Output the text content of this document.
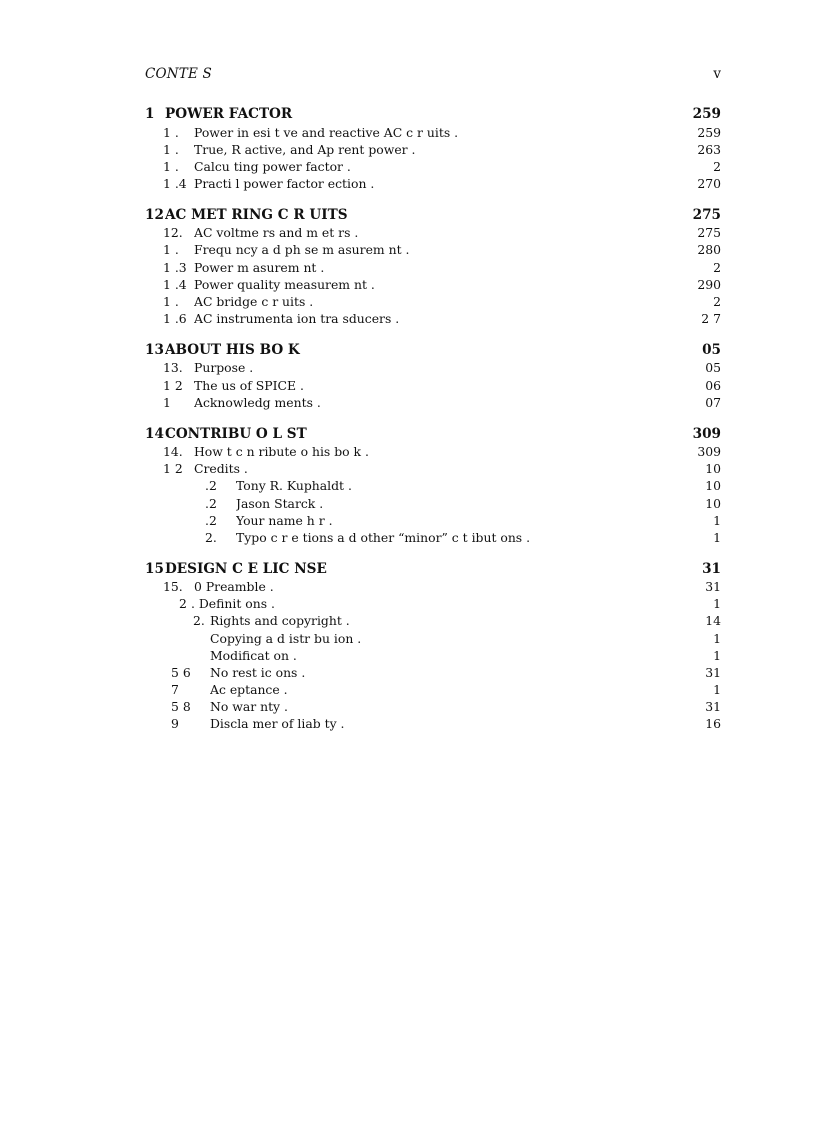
CONTE S	v
1 POWER FACTOR	259
1 .	Power in esi t ve and reactive AC c r uits .	259
1 .	True, R active, and Ap rent power .	263
1 .	Calcu ting power factor .	2
1 .4 Practi l power factor ection .	270
12 AC MET RING C R UITS	275
12. AC voltme rs and m et rs .	275
1 .	Frequ ncy a d ph se m asurem nt .	280
1 .3 Power m asurem nt .	2
1 .4 Power quality measurem nt .	290
1 .	AC bridge c r uits .	2
1 .6 AC instrumenta ion tra sducers .	2 7
13 ABOUT HIS BO K	05
13. Purpose .	05
1 2 The us of SPICE .	06
1	Acknowledg ments .	07
14 CONTRIBU O L ST	309
14. How t c n ribute o his bo k .	309
1 2 Credits .	10
.2	Tony R. Kuphaldt .	10
.2	Jason Starck .	10
.2	Your name h r .	1
2.	Typo c r e tions a d other “minor” c t ibut ons .	1
15 DESIGN C E LIC NSE	31
15. 0 Preamble .	31
2 . Definit ons .	1
2. Rights and copyright .	14
Copying a d istr bu ion .	1
Modificat on .	1
5 6	No rest ic ons .	31
7	Ac eptance .	1
5 8	No war nty .	31
9	Discla mer of liab ty .	16
